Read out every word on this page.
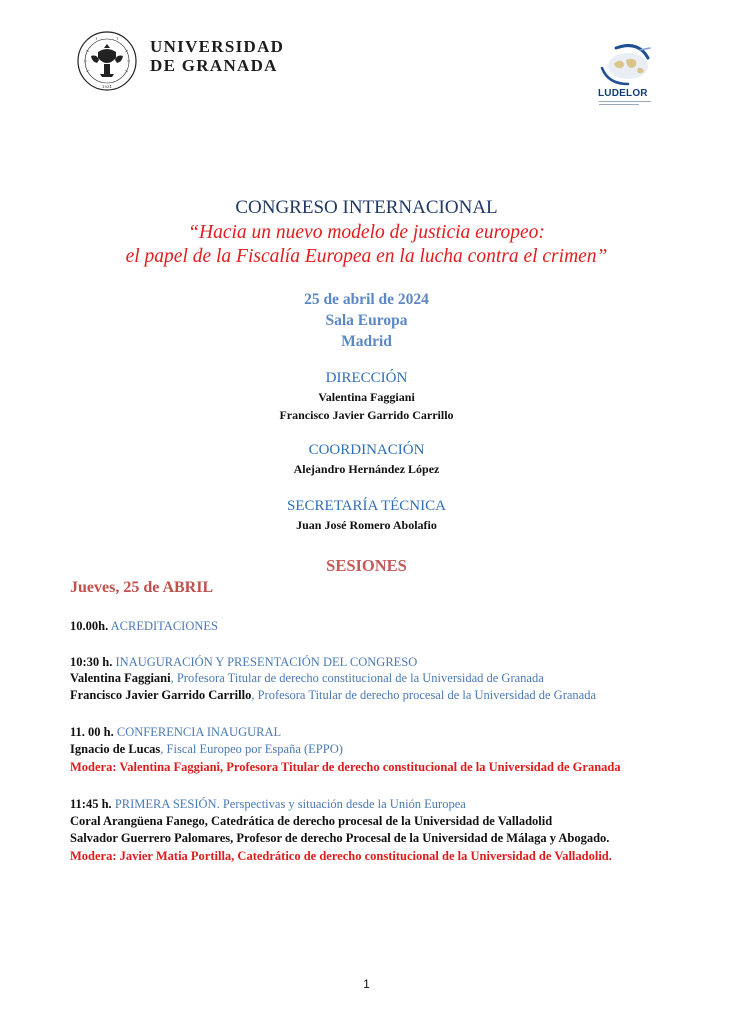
1531
UNIVERSIDAD
DE GRANADA
LUDELOR
CONGRESO INTERNACIONAL
“Hacia un nuevo modelo de justicia europeo:
el papel de la Fiscalía Europea en la lucha contra el crimen”
25 de abril de 2024
Sala Europa
Madrid
DIRECCIÓN
Valentina Faggiani
Francisco Javier Garrido Carrillo
COORDINACIÓN
Alejandro Hernández López
SECRETARÍA TÉCNICA
Juan José Romero Abolafio
SESIONES
Jueves, 25 de ABRIL
10.00h. ACREDITACIONES
10:30 h. INAUGURACIÓN Y PRESENTACIÓN DEL CONGRESO
Valentina Faggiani, Profesora Titular de derecho constitucional de la Universidad de Granada
Francisco Javier Garrido Carrillo, Profesora Titular de derecho procesal de la Universidad de Granada
11. 00 h. CONFERENCIA INAUGURAL
Ignacio de Lucas, Fiscal Europeo por España (EPPO)
Modera: Valentina Faggiani, Profesora Titular de derecho constitucional de la Universidad de Granada
11:45 h. PRIMERA SESIÓN. Perspectivas y situación desde la Unión Europea
Coral Arangüena Fanego, Catedrática de derecho procesal de la Universidad de Valladolid
Salvador Guerrero Palomares, Profesor de derecho Procesal de la Universidad de Málaga y Abogado.
Modera: Javier Matia Portilla, Catedrático de derecho constitucional de la Universidad de Valladolid.
1
